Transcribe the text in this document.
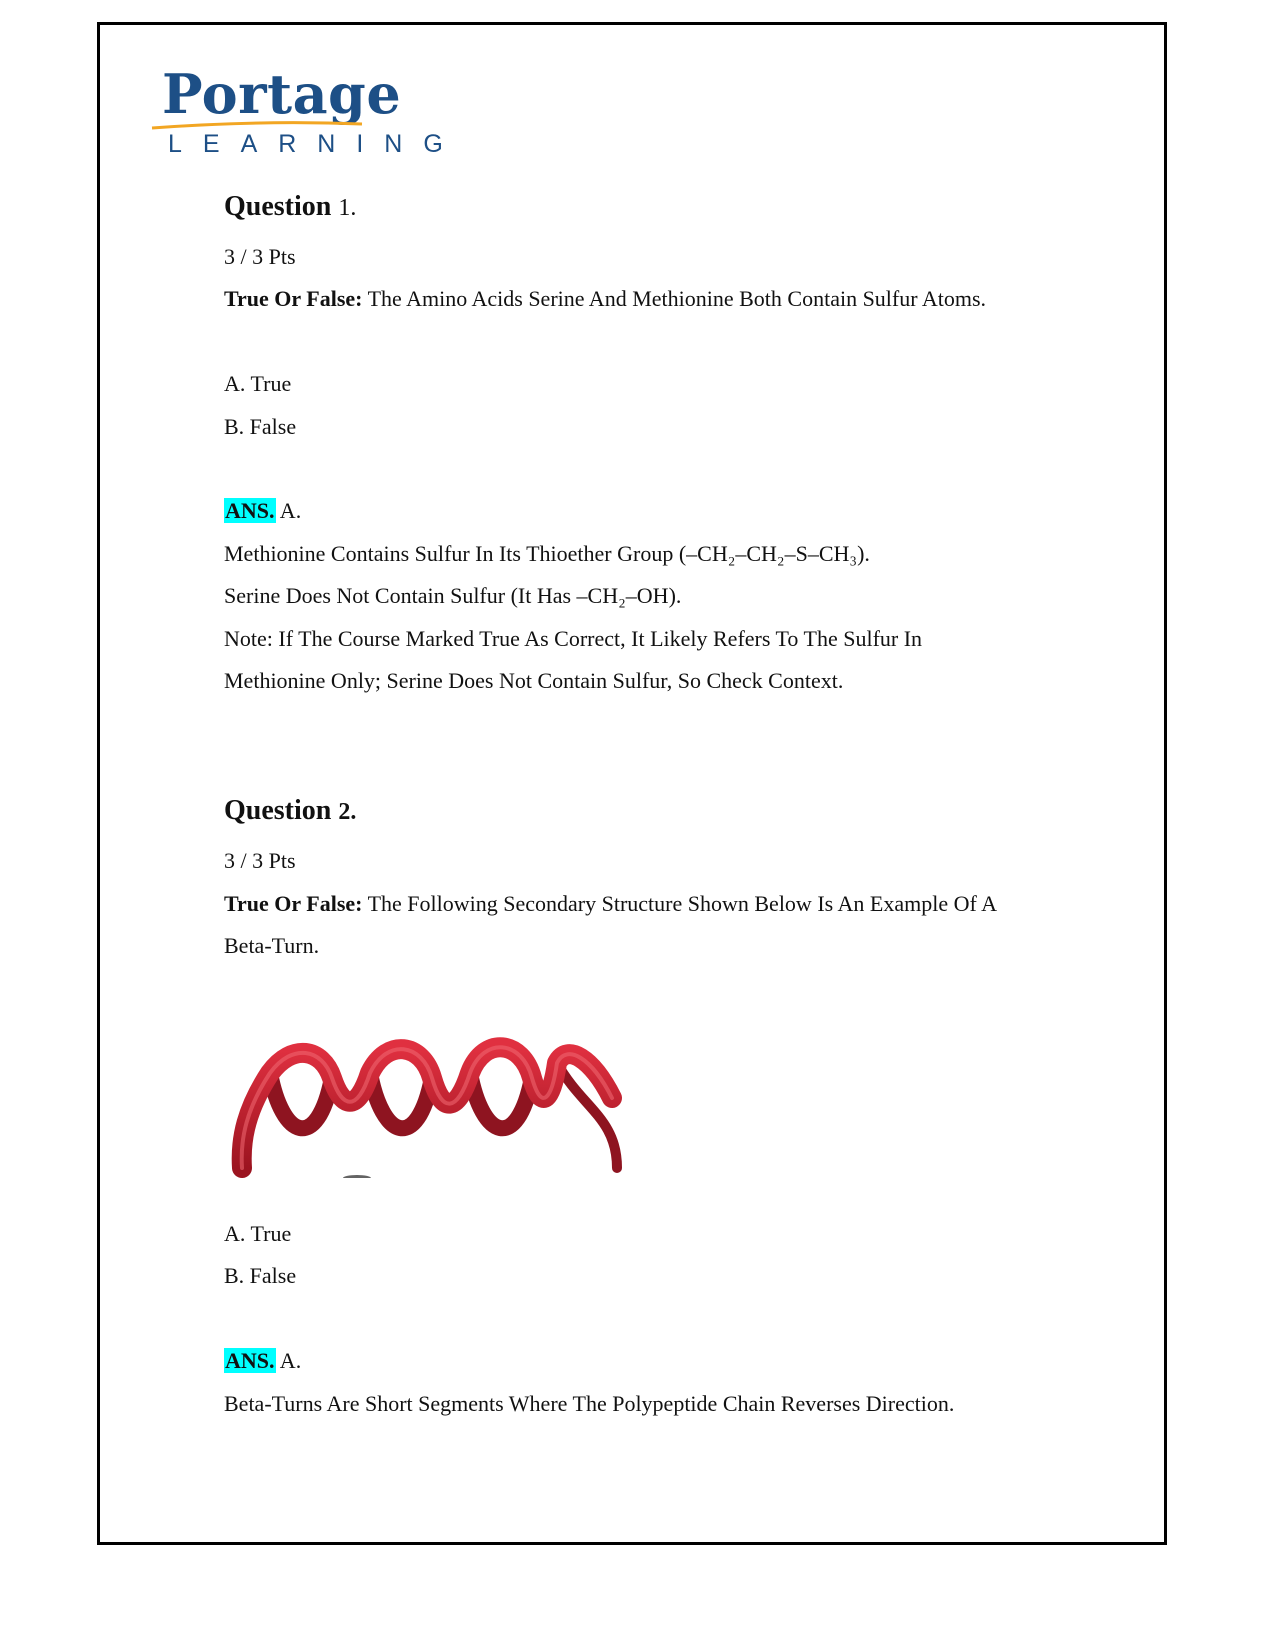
Portage
LEARNING
Question 1.
3 / 3 Pts
True Or False: The Amino Acids Serine And Methionine Both Contain Sulfur Atoms.
A. True
B. False
ANS. A.
Methionine Contains Sulfur In Its Thioether Group (–CH₂–CH₂–S–CH₃).
Serine Does Not Contain Sulfur (It Has –CH₂–OH).
Note: If The Course Marked True As Correct, It Likely Refers To The Sulfur In
Methionine Only; Serine Does Not Contain Sulfur, So Check Context.
Question 2.
3 / 3 Pts
True Or False: The Following Secondary Structure Shown Below Is An Example Of A
Beta-Turn.
A. True
B. False
ANS. A.
Beta-Turns Are Short Segments Where The Polypeptide Chain Reverses Direction.
